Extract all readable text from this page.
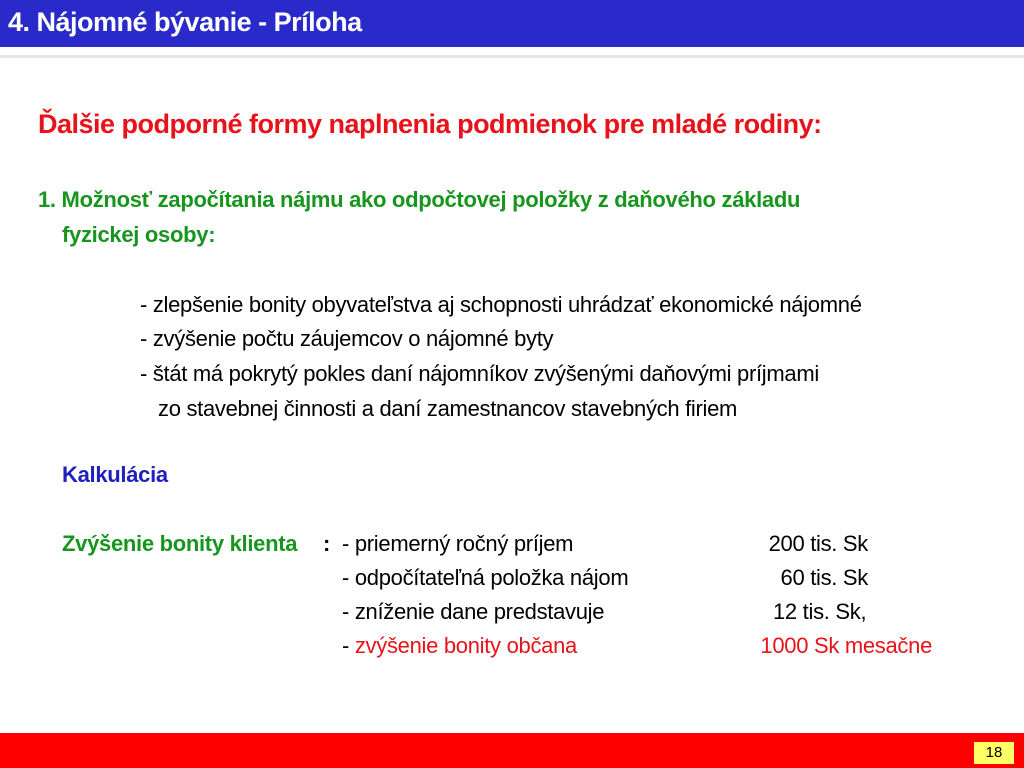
4. Nájomné bývanie - Príloha
Ďalšie podporné formy naplnenia podmienok pre mladé rodiny:
1. Možnosť započítania nájmu ako odpočtovej položky z daňového základu
fyzickej osoby:
- zlepšenie bonity obyvateľstva aj schopnosti uhrádzať ekonomické nájomné
- zvýšenie počtu záujemcov o nájomné byty
- štát má pokrytý pokles daní nájomníkov zvýšenými daňovými príjmami
zo stavebnej činnosti a daní zamestnancov stavebných firiem
Kalkulácia
Zvýšenie bonity klienta : - priemerný ročný príjem	200 tis. Sk
- odpočítateľná položka nájom	60 tis. Sk
- zníženie dane predstavuje	12 tis. Sk,
- zvýšenie bonity občana	1000 Sk mesačne
18
